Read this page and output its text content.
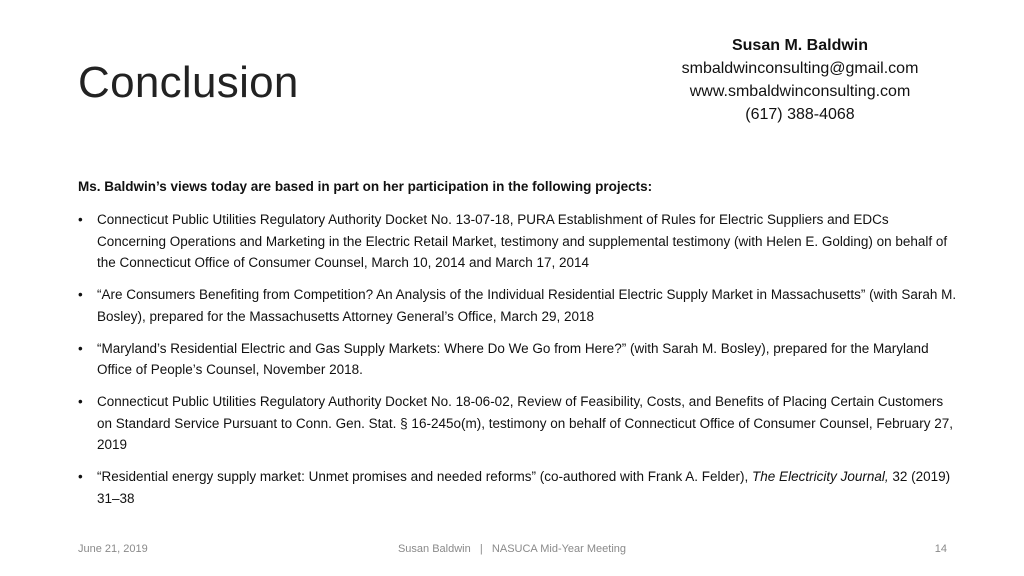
Conclusion
Susan M. Baldwin
smbaldwinconsulting@gmail.com
www.smbaldwinconsulting.com
(617) 388-4068
Ms. Baldwin’s views today are based in part on her participation in the following projects:
• Connecticut Public Utilities Regulatory Authority Docket No. 13-07-18, PURA Establishment of Rules for Electric Suppliers and EDCs Concerning Operations and Marketing in the Electric Retail Market, testimony and supplemental testimony (with Helen E. Golding) on behalf of the Connecticut Office of Consumer Counsel, March 10, 2014 and March 17, 2014
• “Are Consumers Benefiting from Competition? An Analysis of the Individual Residential Electric Supply Market in Massachusetts” (with Sarah M. Bosley), prepared for the Massachusetts Attorney General’s Office, March 29, 2018
• “Maryland’s Residential Electric and Gas Supply Markets: Where Do We Go from Here?” (with Sarah M. Bosley), prepared for the Maryland Office of People’s Counsel, November 2018.
• Connecticut Public Utilities Regulatory Authority Docket No. 18-06-02, Review of Feasibility, Costs, and Benefits of Placing Certain Customers on Standard Service Pursuant to Conn. Gen. Stat. § 16-245o(m), testimony on behalf of Connecticut Office of Consumer Counsel, February 27, 2019
• “Residential energy supply market: Unmet promises and needed reforms” (co-authored with Frank A. Felder), The Electricity Journal, 32 (2019) 31–38
June 21, 2019	Susan Baldwin   |   NASUCA Mid-Year Meeting	14
